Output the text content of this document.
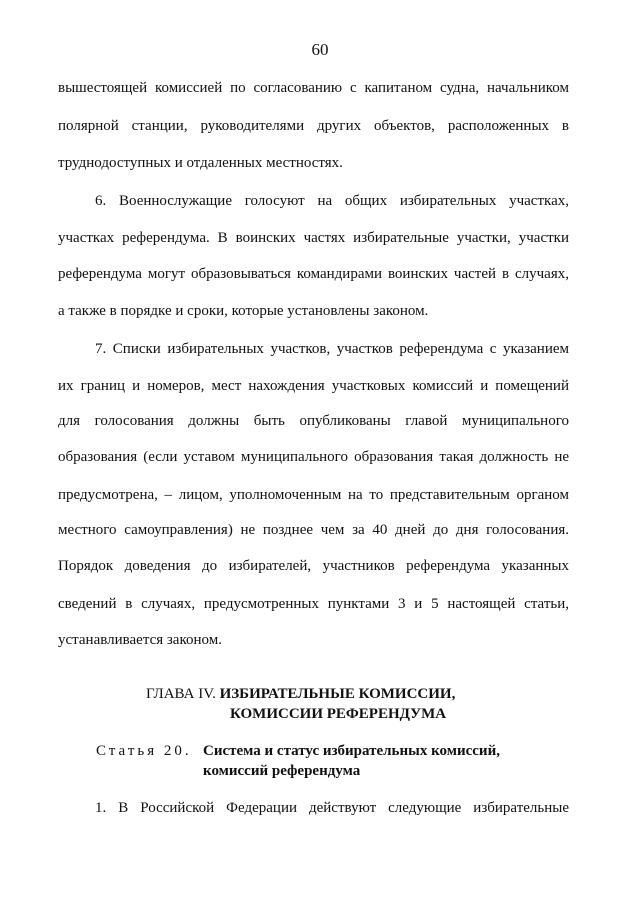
60
вышестоящей комиссией по согласованию с капитаном судна, начальником
полярной станции, руководителями других объектов, расположенных в
труднодоступных и отдаленных местностях.
6. Военнослужащие голосуют на общих избирательных участках,
участках референдума. В воинских частях избирательные участки, участки
референдума могут образовываться командирами воинских частей в случаях,
а также в порядке и сроки, которые установлены законом.
7. Списки избирательных участков, участков референдума с указанием
их границ и номеров, мест нахождения участковых комиссий и помещений
для голосования должны быть опубликованы главой муниципального
образования (если уставом муниципального образования такая должность не
предусмотрена, – лицом, уполномоченным на то представительным органом
местного самоуправления) не позднее чем за 40 дней до дня голосования.
Порядок доведения до избирателей, участников референдума указанных
сведений в случаях, предусмотренных пунктами 3 и 5 настоящей статьи,
устанавливается законом.
ГЛАВА IV. ИЗБИРАТЕЛЬНЫЕ КОМИССИИ,
КОМИССИИ РЕФЕРЕНДУМА
Статья 20. Система и статус избирательных комиссий,
комиссий референдума
1. В Российской Федерации действуют следующие избирательные
